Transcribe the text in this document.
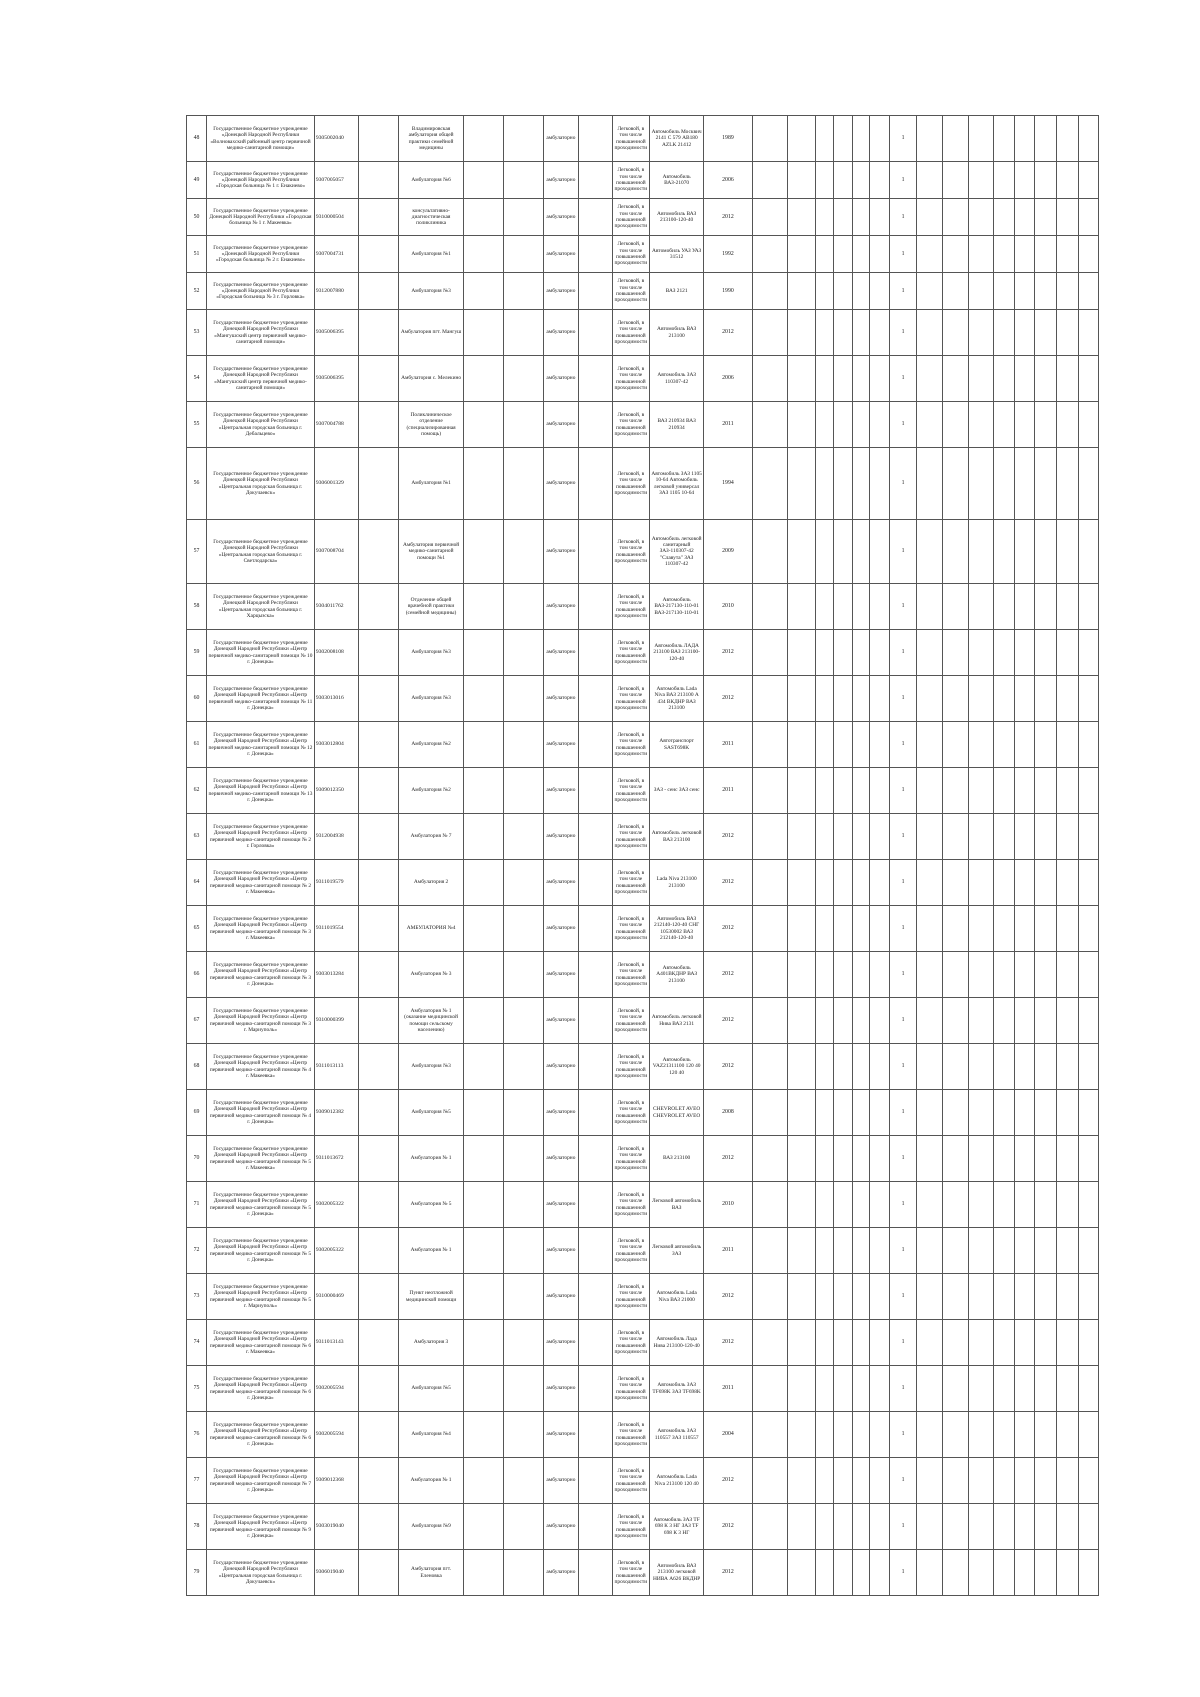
48	Государственное бюджетное учреждение «Донецкой Народной Республики «Волновахский районный центр первичной медико-санитарной помощи»	9305002040		Владимировская амбулатория общей практики семейной медицины			амбулаторно		Легковой, в том числе повышенной проходимости	Автомобиль Москвич 2141 С 579 АВ180 AZLK 21412	1989							1								
49	Государственное бюджетное учреждение «Донецкой Народной Республики «Городская больница № 1 г. Енакиево»	9307005057		Амбулатория №6			амбулаторно		Легковой, в том числе повышенной проходимости	Автомобиль ВАЗ-21070	2006							1								
50	Государственное бюджетное учреждение Донецкой Народной Республики «Городская больница № 1 г. Макеевка»	9310000504		консультативно-диагностическая поликлиника			амбулаторно		Легковой, в том числе повышенной проходимости	Автомобиль ВАЗ 213100-120-40	2012							1								
51	Государственное бюджетное учреждение «Донецкой Народной Республики «Городская больница № 2 г. Енакиево»	9307004731		Амбулатория №1			амбулаторно		Легковой, в том числе повышенной проходимости	Автомобиль УАЗ УАЗ 31512	1992							1								
52	Государственное бюджетное учреждение «Донецкой Народной Республики «Городская больница № 3 г. Горловка»	9312007880		Амбулатория №3			амбулаторно		Легковой, в том числе повышенной проходимости	ВАЗ 2121	1990							1								
53	Государственное бюджетное учреждение Донецкой Народной Республики «Мангушский центр первичной медико-санитарной помощи»	9305006395		Амбулатория пгт. Мангуш			амбулаторно		Легковой, в том числе повышенной проходимости	Автомобиль ВАЗ 213100	2012							1								
54	Государственное бюджетное учреждение Донецкой Народной Республики «Мангушский центр первичной медико-санитарной помощи»	9305006395		Амбулатория с. Мелекино			амбулаторно		Легковой, в том числе повышенной проходимости	Автомобиль ЗАЗ 110307-42	2006							1								
55	Государственное бюджетное учреждение Донецкой Народной Республики «Центральная городская больница г. Дебальцево»	9307004788		Поликлиническое отделение (специализированная помощь)			амбулаторно		Легковой, в том числе повышенной проходимости	ВАЗ 210934 ВАЗ 210934	2011							1								
56	Государственное бюджетное учреждение Донецкой Народной Республики «Центральная городская больница г. Докучаевск»	9306001329		Амбулатория №1			амбулаторно		Легковой, в том числе повышенной проходимости	Автомобиль ЗАЗ 1105 10-64 Автомобиль легковой универсал ЗАЗ 1105 10-64	1994							1								
57	Государственное бюджетное учреждение Донецкой Народной Республики «Центральная городская больница г. Светлодарска»	9307008704		Амбулатория первичной медико-санитарной помощи №1			амбулаторно		Легковой, в том числе повышенной проходимости	Автомобиль легковой санитарный ЗАЗ-110307-42 "Славута" ЗАЗ 110307-42	2009							1								
58	Государственное бюджетное учреждение Донецкой Народной Республики «Центральная городская больница г. Харцызска»	9304011762		Отделение общей врачебной практики (семейной медицины)			амбулаторно		Легковой, в том числе повышенной проходимости	Автомобиль ВАЗ-217130-110-01 ВАЗ-217130-110-01	2010							1								
59	Государственное бюджетное учреждение Донецкой Народной Республики «Центр первичной медико-санитарной помощи № 10 г. Донецка»	9302008108		Амбулатория №3			амбулаторно		Легковой, в том числе повышенной проходимости	Автомобиль ЛАДА 213100 ВАЗ 213100-120-40	2012							1								
60	Государственное бюджетное учреждение Донецкой Народной Республики «Центр первичной медико-санитарной помощи № 11 г. Донецка»	9303013016		Амбулатория №3			амбулаторно		Легковой, в том числе повышенной проходимости	Автомобиль Lada Niva ВАЗ 213100 А 434 ВКДНР ВАЗ 213100	2012							1								
61	Государственное бюджетное учреждение Донецкой Народной Республики «Центр первичной медико-санитарной помощи № 12 г. Донецка»	9303012804		Амбулатория №2			амбулаторно		Легковой, в том числе повышенной проходимости	Автотранспорт SAST698K	2011							1								
62	Государственное бюджетное учреждение Донецкой Народной Республики «Центр первичной медико-санитарной помощи № 13 г. Донецка»	9309012350		Амбулатория №2			амбулаторно		Легковой, в том числе повышенной проходимости	ЗАЗ - сенс ЗАЗ сенс	2011							1								
63	Государственное бюджетное учреждение Донецкой Народной Республики «Центр первичной медико-санитарной помощи № 2 г. Горловка»	9312004938		Амбулатория № 7			амбулаторно		Легковой, в том числе повышенной проходимости	Автомобиль легковой ВАЗ 213100	2012							1								
64	Государственное бюджетное учреждение Донецкой Народной Республики «Центр первичной медико-санитарной помощи № 2 г. Макеевка»	9311019579		Амбулатория 2			амбулаторно		Легковой, в том числе повышенной проходимости	Lada Niva 213100 213100	2012							1								
65	Государственное бюджетное учреждение Донецкой Народной Республики «Центр первичной медико-санитарной помощи № 3 г. Макеевка»	9311019554		АМБУЛАТОРИЯ №4			амбулаторно		Легковой, в том числе повышенной проходимости	Автомобиль ВАЗ 212140-120-40 СНГ 10530002 ВАЗ 212140-120-40	2012							1								
66	Государственное бюджетное учреждение Донецкой Народной Республики «Центр первичной медико-санитарной помощи № 3 г. Донецка»	9303013284		Амбулатория № 3			амбулаторно		Легковой, в том числе повышенной проходимости	Автомобиль А401ВКДНР ВАЗ 213100	2012							1								
67	Государственное бюджетное учреждение Донецкой Народной Республики «Центр первичной медико-санитарной помощи № 3 г. Мариуполь»	9310000399		Амбулатория № 1 (оказание медицинской помощи сельскому населению)			амбулаторно		Легковой, в том числе повышенной проходимости	Автомобиль легковой Нива ВАЗ 2131	2012							1								
68	Государственное бюджетное учреждение Донецкой Народной Республики «Центр первичной медико-санитарной помощи № 4 г. Макеевка»	9311013113		Амбулатория №3			амбулаторно		Легковой, в том числе повышенной проходимости	Автомобиль VAZ21311100 120 40 120 40	2012							1								
69	Государственное бюджетное учреждение Донецкой Народной Республики «Центр первичной медико-санитарной помощи № 4 г. Донецка»	9309012382		Амбулатория №5			амбулаторно		Легковой, в том числе повышенной проходимости	CHEVROLET AVEO CHEVROLET AVEO	2008							1								
70	Государственное бюджетное учреждение Донецкой Народной Республики «Центр первичной медико-санитарной помощи № 5 г. Макеевка»	9311013672		Амбулатория № 1			амбулаторно		Легковой, в том числе повышенной проходимости	ВАЗ 213100	2012							1								
71	Государственное бюджетное учреждение Донецкой Народной Республики «Центр первичной медико-санитарной помощи № 5 г. Донецка»	9302005322		Амбулатория № 5			амбулаторно		Легковой, в том числе повышенной проходимости	Легковой автомобиль ВАЗ	2010							1								
72	Государственное бюджетное учреждение Донецкой Народной Республики «Центр первичной медико-санитарной помощи № 5 г. Донецка»	9302005322		Амбулатория № 1			амбулаторно		Легковой, в том числе повышенной проходимости	Легковой автомобиль ЗАЗ	2011							1								
73	Государственное бюджетное учреждение Донецкой Народной Республики «Центр первичной медико-санитарной помощи № 5 г. Мариуполь»	9310000469		Пункт неотложной медицинской помощи			амбулаторно		Легковой, в том числе повышенной проходимости	Автомобиль Lada Niva ВАЗ 21000	2012							1								
74	Государственное бюджетное учреждение Донецкой Народной Республики «Центр первичной медико-санитарной помощи № 6 г. Макеевка»	9311013143		Амбулатория 3			амбулаторно		Легковой, в том числе повышенной проходимости	Автомобиль Лада Нива 213100-120-40	2012							1								
75	Государственное бюджетное учреждение Донецкой Народной Республики «Центр первичной медико-санитарной помощи № 6 г. Донецка»	9302005594		Амбулатория №5			амбулаторно		Легковой, в том числе повышенной проходимости	Автомобиль ЗАЗ TF698K ЗАЗ TF698K	2011							1								
76	Государственное бюджетное учреждение Донецкой Народной Республики «Центр первичной медико-санитарной помощи № 6 г. Донецка»	9302005594		Амбулатория №4			амбулаторно		Легковой, в том числе повышенной проходимости	Автомобиль ЗАЗ 110557 ЗАЗ 110557	2004							1								
77	Государственное бюджетное учреждение Донецкой Народной Республики «Центр первичной медико-санитарной помощи № 7 г. Донецка»	9309012368		Амбулатория № 1			амбулаторно		Легковой, в том числе повышенной проходимости	Автомобиль Lada Niva 213100 120 40	2012							1								
78	Государственное бюджетное учреждение Донецкой Народной Республики «Центр первичной медико-санитарной помощи № 9 г. Донецка»	9303019040		Амбулатория №9			амбулаторно		Легковой, в том числе повышенной проходимости	Автомобиль ЗАЗ TF 698 К 3 НГ ЗАЗ TF 698 К 3 НГ	2012							1								
79	Государственное бюджетное учреждение Донецкой Народной Республики «Центральная городская больница г. Докучаевск»	9306019040		Амбулатория пгт. Еленовка			амбулаторно		Легковой, в том числе повышенной проходимости	Автомобиль ВАЗ 213100 легковой НИВА А626 ВКДНР	2012							1								
